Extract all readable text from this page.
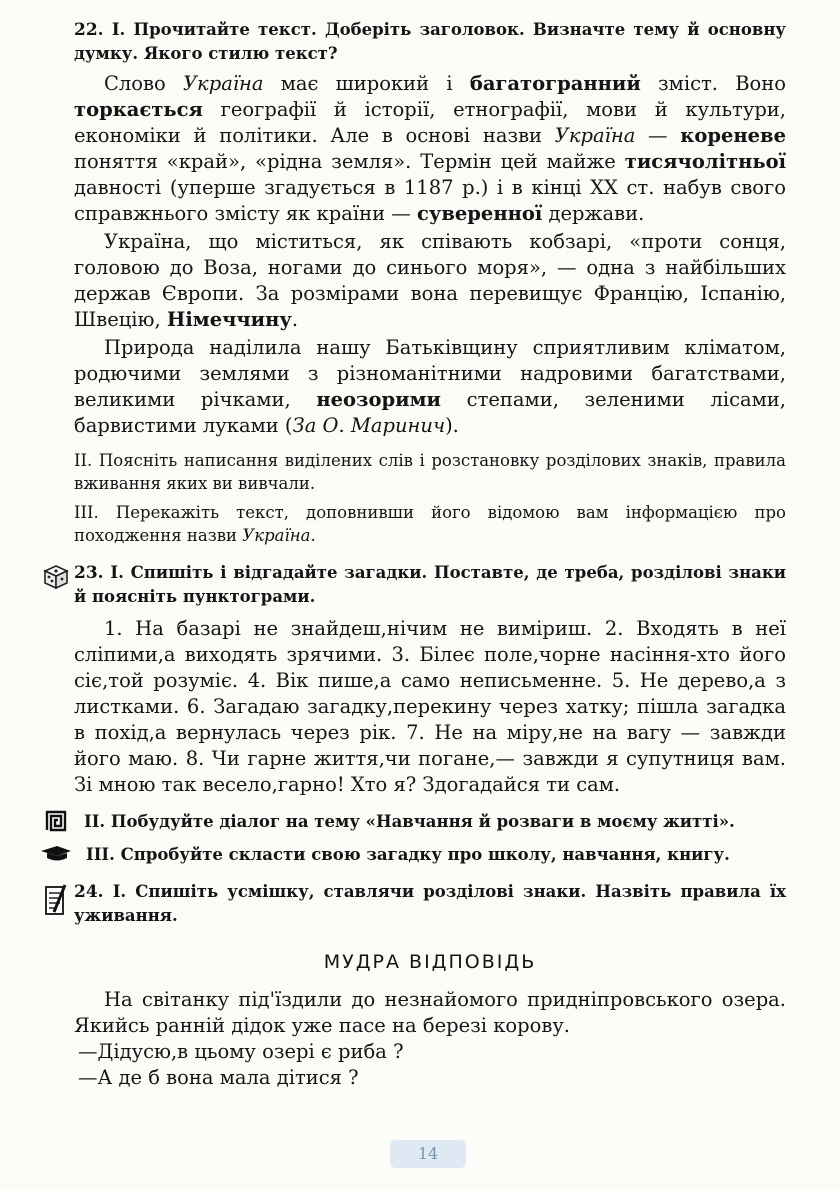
22. І. Прочитайте текст. Доберіть заголовок. Визначте тему й основну думку. Якого стилю текст?

Слово Україна має широкий і багатогранний зміст. Воно торкається географії й історії, етнографії, мови й культури, економіки й політики. Але в основі назви Україна — кореневе поняття «край», «рідна земля». Термін цей майже тисячолітньої давності (уперше згадується в 1187 р.) і в кінці XX ст. набув свого справжнього змісту як країни — суверенної держави.

Україна, що міститься, як співають кобзарі, «проти сонця, головою до Воза, ногами до синього моря», — одна з найбільших держав Європи. За розмірами вона перевищує Францію, Іспанію, Швецію, Німеччину.

Природа наділила нашу Батьківщину сприятливим кліматом, родючими землями з різноманітними надровими багатствами, великими річками, неозорими степами, зеленими лісами, барвистими луками (За О. Маринич).

II. Поясніть написання виділених слів і розстановку розділових знаків, правила вживання яких ви вивчали.

III. Перекажіть текст, доповнивши його відомою вам інформацією про походження назви Україна.

23. І. Спишіть і відгадайте загадки. Поставте, де треба, розділові знаки й поясніть пунктограми.

1. На базарі не знайдеш,нічим не виміриш. 2. Входять в неї сліпими,а виходять зрячими. 3. Білеє поле,чорне насіння-хто його сіє,той розуміє. 4. Вік пише,а само неписьменне. 5. Не дерево,а з листками. 6. Загадаю загадку,перекину через хатку; пішла загадка в похід,а вернулась через рік. 7. Не на міру,не на вагу — завжди його маю. 8. Чи гарне життя,чи погане,— завжди я супутниця вам. Зі мною так весело,гарно! Хто я? Здогадайся ти сам.

II. Побудуйте діалог на тему «Навчання й розваги в моєму житті».

III. Спробуйте скласти свою загадку про школу, навчання, книгу.

24. І. Спишіть усмішку, ставлячи розділові знаки. Назвіть правила їх уживання.

МУДРА ВІДПОВІДЬ

На світанку під'їздили до незнайомого придніпровського озера. Якийсь ранній дідок уже пасе на березі корову.

—Дідусю,в цьому озері є риба ?

—А де б вона мала дітися ?

14
